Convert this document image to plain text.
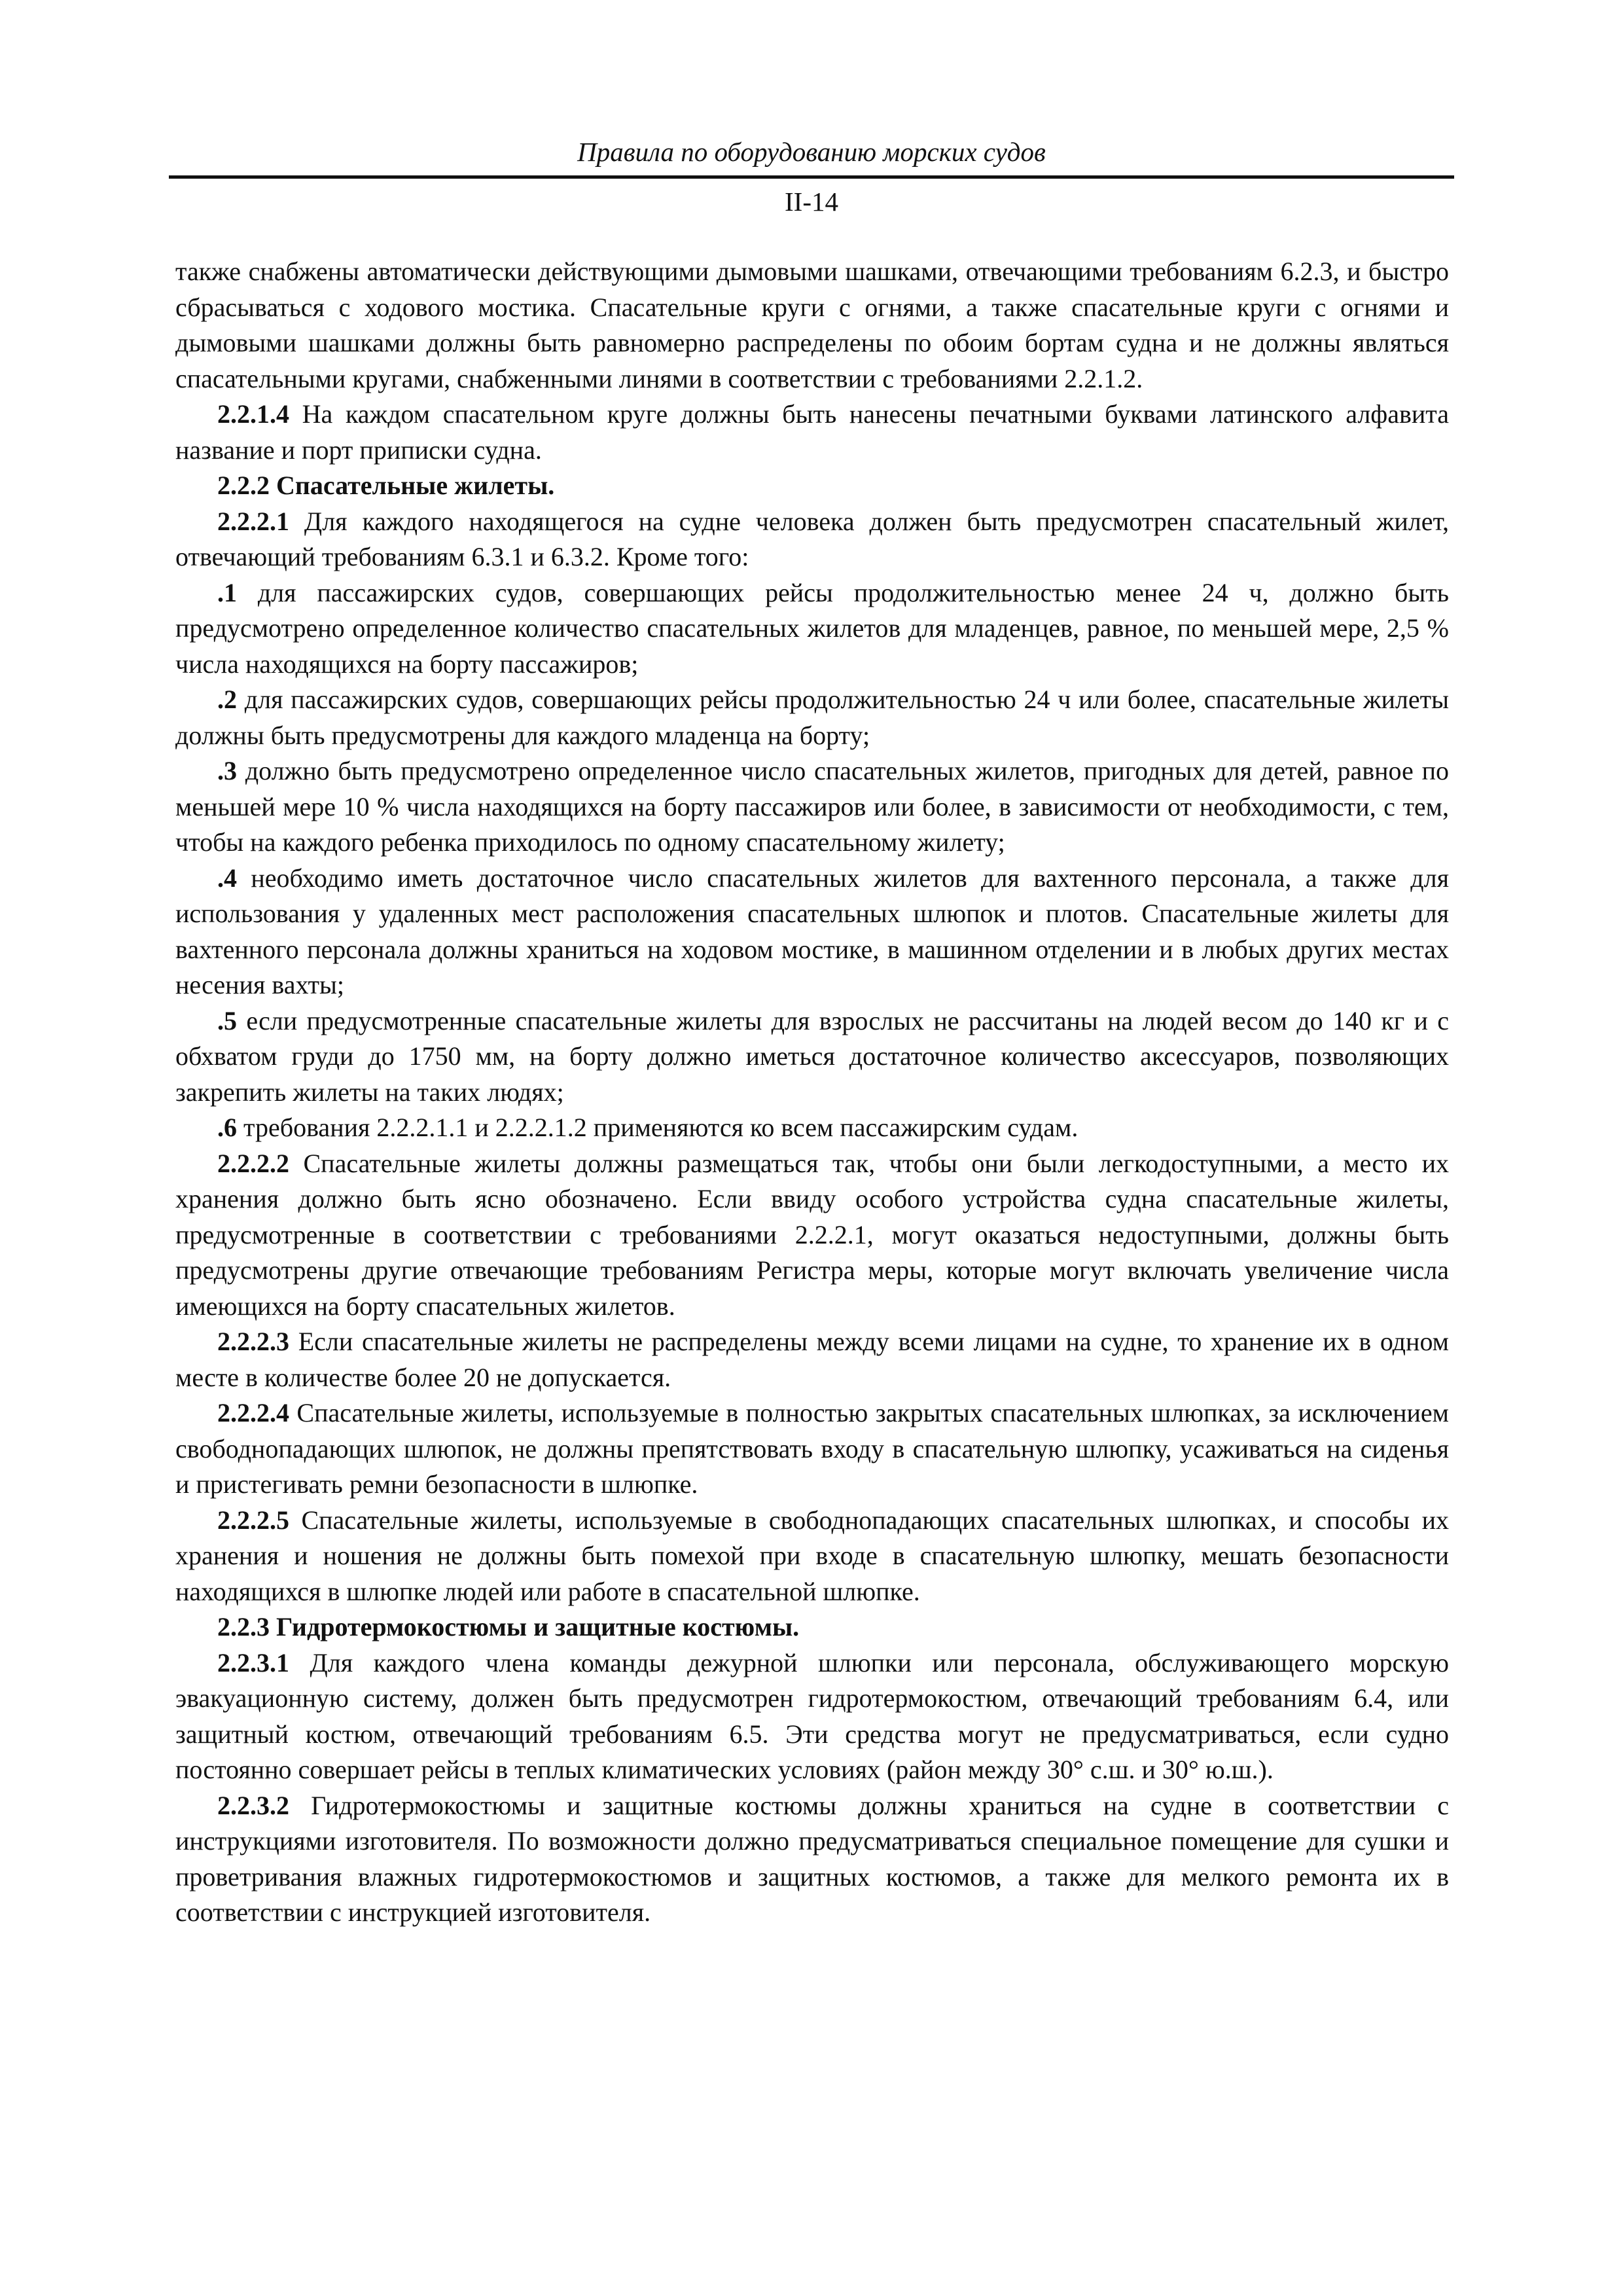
Правила по оборудованию морских судов
II-14

также снабжены автоматически действующими дымовыми шашками, отвечающими требованиям 6.2.3, и быстро сбрасываться с ходового мостика. Спасательные круги с огнями, а также спасательные круги с огнями и дымовыми шашками должны быть равномерно распределены по обоим бортам судна и не должны являться спасательными кругами, снабженными линями в соответствии с требованиями 2.2.1.2.

2.2.1.4 На каждом спасательном круге должны быть нанесены печатными буквами латинского алфавита название и порт приписки судна.

2.2.2 Спасательные жилеты.

2.2.2.1 Для каждого находящегося на судне человека должен быть предусмотрен спасательный жилет, отвечающий требованиям 6.3.1 и 6.3.2. Кроме того:

.1 для пассажирских судов, совершающих рейсы продолжительностью менее 24 ч, должно быть предусмотрено определенное количество спасательных жилетов для младенцев, равное, по меньшей мере, 2,5 % числа находящихся на борту пассажиров;

.2 для пассажирских судов, совершающих рейсы продолжительностью 24 ч или более, спасательные жилеты должны быть предусмотрены для каждого младенца на борту;

.3 должно быть предусмотрено определенное число спасательных жилетов, пригодных для детей, равное по меньшей мере 10 % числа находящихся на борту пассажиров или более, в зависимости от необходимости, с тем, чтобы на каждого ребенка приходилось по одному спасательному жилету;

.4 необходимо иметь достаточное число спасательных жилетов для вахтенного персонала, а также для использования у удаленных мест расположения спасательных шлюпок и плотов. Спасательные жилеты для вахтенного персонала должны храниться на ходовом мостике, в машинном отделении и в любых других местах несения вахты;

.5 если предусмотренные спасательные жилеты для взрослых не рассчитаны на людей весом до 140 кг и с обхватом груди до 1750 мм, на борту должно иметься достаточное количество аксессуаров, позволяющих закрепить жилеты на таких людях;

.6 требования 2.2.2.1.1 и 2.2.2.1.2 применяются ко всем пассажирским судам.

2.2.2.2 Спасательные жилеты должны размещаться так, чтобы они были легкодоступными, а место их хранения должно быть ясно обозначено. Если ввиду особого устройства судна спасательные жилеты, предусмотренные в соответствии с требованиями 2.2.2.1, могут оказаться недоступными, должны быть предусмотрены другие отвечающие требованиям Регистра меры, которые могут включать увеличение числа имеющихся на борту спасательных жилетов.

2.2.2.3 Если спасательные жилеты не распределены между всеми лицами на судне, то хранение их в одном месте в количестве более 20 не допускается.

2.2.2.4 Спасательные жилеты, используемые в полностью закрытых спасательных шлюпках, за исключением свободнопадающих шлюпок, не должны препятствовать входу в спасательную шлюпку, усаживаться на сиденья и пристегивать ремни безопасности в шлюпке.

2.2.2.5 Спасательные жилеты, используемые в свободнопадающих спасательных шлюпках, и способы их хранения и ношения не должны быть помехой при входе в спасательную шлюпку, мешать безопасности находящихся в шлюпке людей или работе в спасательной шлюпке.

2.2.3 Гидротермокостюмы и защитные костюмы.

2.2.3.1 Для каждого члена команды дежурной шлюпки или персонала, обслуживающего морскую эвакуационную систему, должен быть предусмотрен гидротермокостюм, отвечающий требованиям 6.4, или защитный костюм, отвечающий требованиям 6.5. Эти средства могут не предусматриваться, если судно постоянно совершает рейсы в теплых климатических условиях (район между 30° с.ш. и 30° ю.ш.).

2.2.3.2 Гидротермокостюмы и защитные костюмы должны храниться на судне в соответствии с инструкциями изготовителя. По возможности должно предусматриваться специальное помещение для сушки и проветривания влажных гидротермокостюмов и защитных костюмов, а также для мелкого ремонта их в соответствии с инструкцией изготовителя.
